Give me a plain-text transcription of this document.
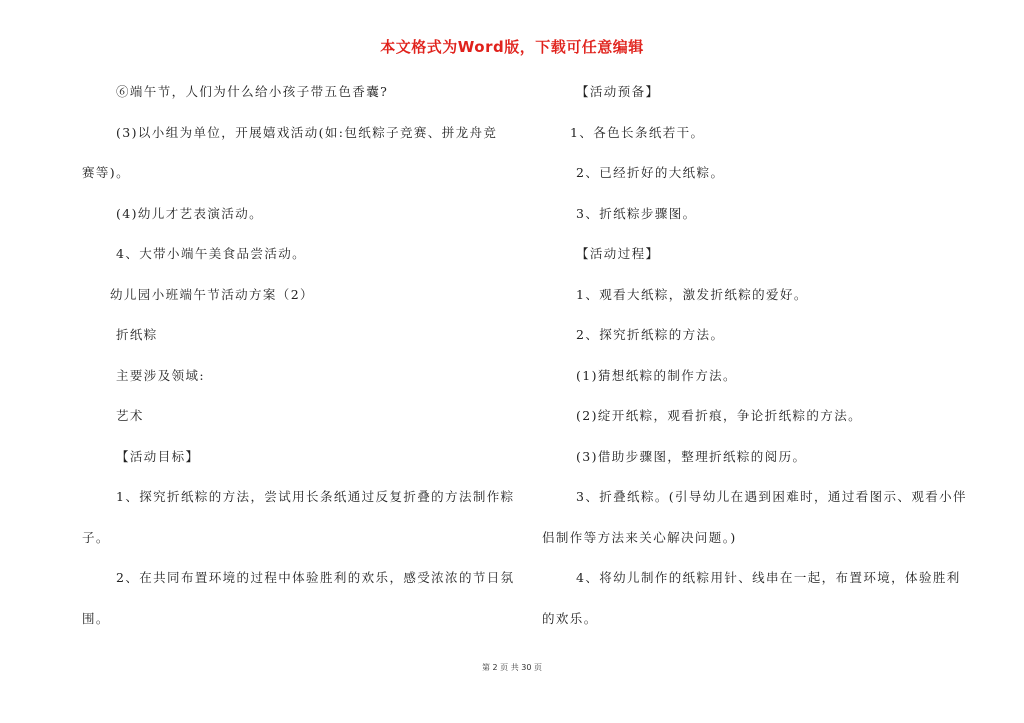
本文格式为Word版，下载可任意编辑
⑥端午节，人们为什么给小孩子带五色香囊?
(3)以小组为单位，开展嬉戏活动(如:包纸粽子竞赛、拼龙舟竞
赛等)。
(4)幼儿才艺表演活动。
4、大带小端午美食品尝活动。
幼儿园小班端午节活动方案（2）
折纸粽
主要涉及领域:
艺术
【活动目标】
1、探究折纸粽的方法，尝试用长条纸通过反复折叠的方法制作粽
子。
2、在共同布置环境的过程中体验胜利的欢乐，感受浓浓的节日氛
围。
【活动预备】
1、各色长条纸若干。
2、已经折好的大纸粽。
3、折纸粽步骤图。
【活动过程】
1、观看大纸粽，激发折纸粽的爱好。
2、探究折纸粽的方法。
(1)猜想纸粽的制作方法。
(2)绽开纸粽，观看折痕，争论折纸粽的方法。
(3)借助步骤图，整理折纸粽的阅历。
3、折叠纸粽。(引导幼儿在遇到困难时，通过看图示、观看小伴
侣制作等方法来关心解决问题。)
4、将幼儿制作的纸粽用针、线串在一起，布置环境，体验胜利
的欢乐。
第 2 页 共 30 页
